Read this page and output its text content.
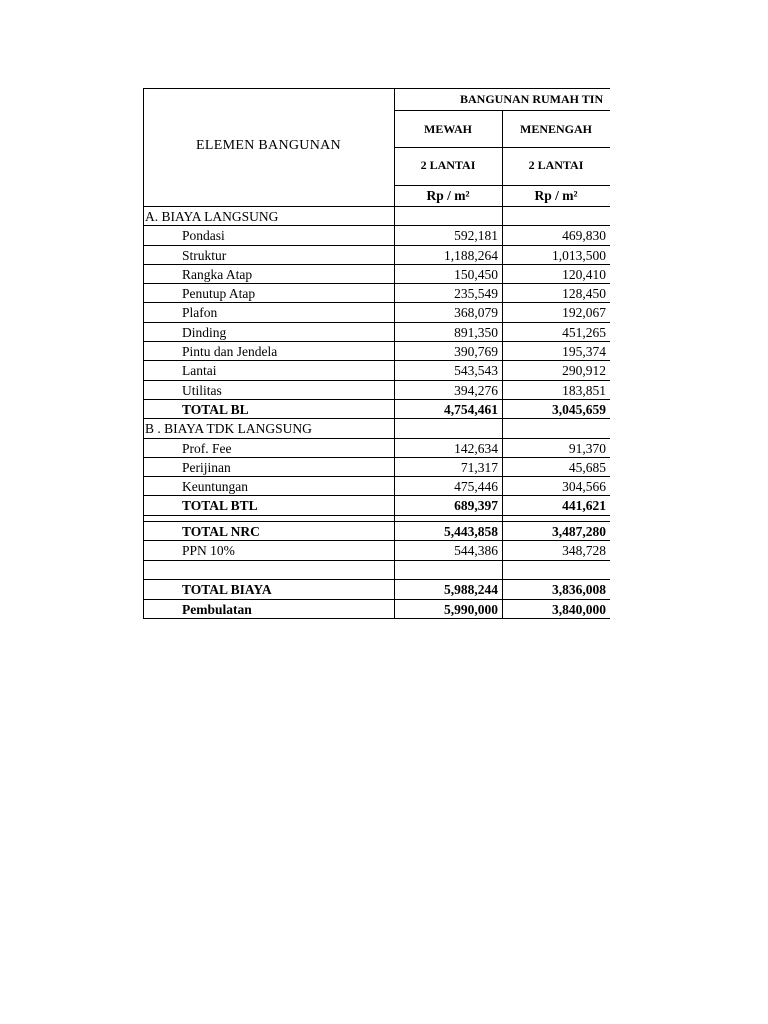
ELEMEN BANGUNAN
BANGUNAN RUMAH TIN
MEWAH	MENENGAH
2 LANTAI	2 LANTAI
Rp / m²	Rp / m²
A. BIAYA LANGSUNG
Pondasi	592,181	469,830
Struktur	1,188,264	1,013,500
Rangka Atap	150,450	120,410
Penutup Atap	235,549	128,450
Plafon	368,079	192,067
Dinding	891,350	451,265
Pintu dan Jendela	390,769	195,374
Lantai	543,543	290,912
Utilitas	394,276	183,851
TOTAL BL	4,754,461	3,045,659
B . BIAYA TDK LANGSUNG
Prof. Fee	142,634	91,370
Perijinan	71,317	45,685
Keuntungan	475,446	304,566
TOTAL BTL	689,397	441,621
TOTAL NRC	5,443,858	3,487,280
PPN 10%	544,386	348,728
TOTAL BIAYA	5,988,244	3,836,008
Pembulatan	5,990,000	3,840,000
